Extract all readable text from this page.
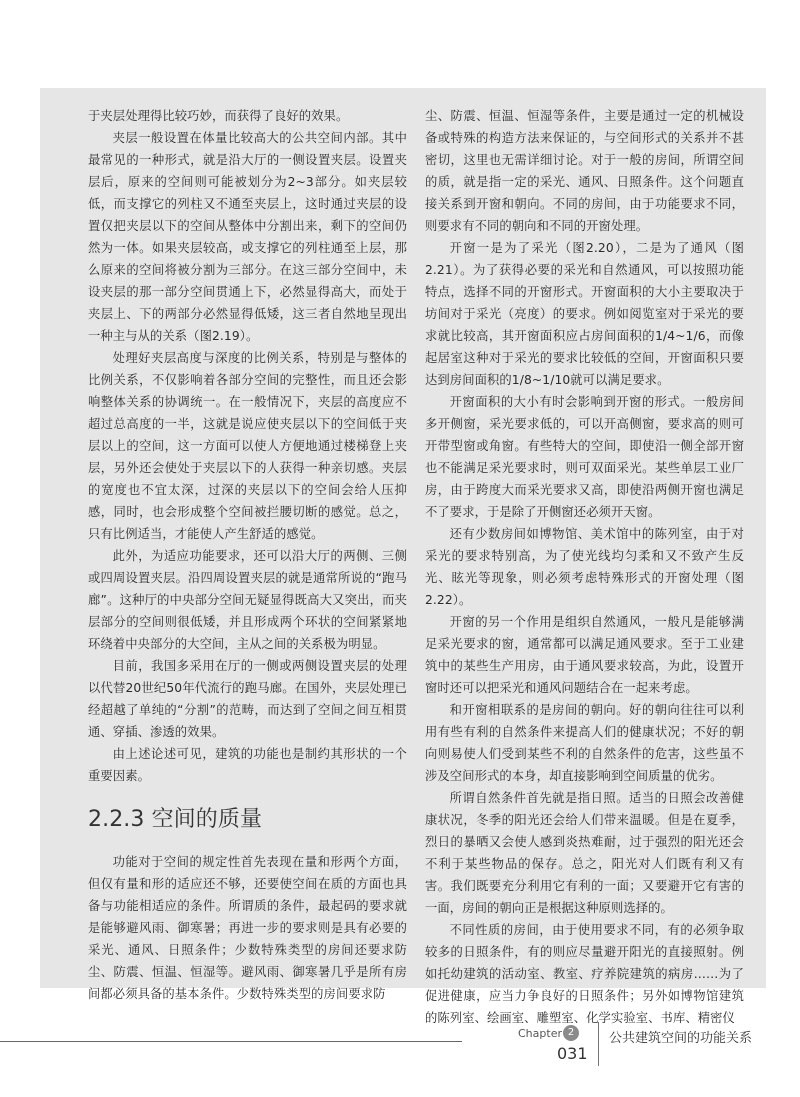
于夹层处理得比较巧妙，而获得了良好的效果。

夹层一般设置在体量比较高大的公共空间内部。其中最常见的一种形式，就是沿大厅的一侧设置夹层。设置夹层后，原来的空间则可能被划分为2~3部分。如夹层较低，而支撑它的列柱又不通至夹层上，这时通过夹层的设置仅把夹层以下的空间从整体中分割出来，剩下的空间仍然为一体。如果夹层较高，或支撑它的列柱通至上层，那么原来的空间将被分割为三部分。在这三部分空间中，未设夹层的那一部分空间贯通上下，必然显得高大，而处于夹层上、下的两部分必然显得低矮，这三者自然地呈现出一种主与从的关系（图2.19）。

处理好夹层高度与深度的比例关系，特别是与整体的比例关系，不仅影响着各部分空间的完整性，而且还会影响整体关系的协调统一。在一般情况下，夹层的高度应不超过总高度的一半，这就是说应使夹层以下的空间低于夹层以上的空间，这一方面可以使人方便地通过楼梯登上夹层，另外还会使处于夹层以下的人获得一种亲切感。夹层的宽度也不宜太深，过深的夹层以下的空间会给人压抑感，同时，也会形成整个空间被拦腰切断的感觉。总之，只有比例适当，才能使人产生舒适的感觉。

此外，为适应功能要求，还可以沿大厅的两侧、三侧或四周设置夹层。沿四周设置夹层的就是通常所说的“跑马廊”。这种厅的中央部分空间无疑显得既高大又突出，而夹层部分的空间则很低矮，并且形成两个环状的空间紧紧地环绕着中央部分的大空间，主从之间的关系极为明显。

目前，我国多采用在厅的一侧或两侧设置夹层的处理以代替20世纪50年代流行的跑马廊。在国外，夹层处理已经超越了单纯的“分割”的范畴，而达到了空间之间互相贯通、穿插、渗透的效果。

由上述论述可见，建筑的功能也是制约其形状的一个重要因素。

2.2.3 空间的质量

功能对于空间的规定性首先表现在量和形两个方面，但仅有量和形的适应还不够，还要使空间在质的方面也具备与功能相适应的条件。所谓质的条件，最起码的要求就是能够避风雨、御寒暑；再进一步的要求则是具有必要的采光、通风、日照条件；少数特殊类型的房间还要求防尘、防震、恒温、恒湿等。避风雨、御寒暑几乎是所有房间都必须具备的基本条件。少数特殊类型的房间要求防

尘、防震、恒温、恒湿等条件，主要是通过一定的机械设备或特殊的构造方法来保证的，与空间形式的关系并不甚密切，这里也无需详细讨论。对于一般的房间，所谓空间的质，就是指一定的采光、通风、日照条件。这个问题直接关系到开窗和朝向。不同的房间，由于功能要求不同，则要求有不同的朝向和不同的开窗处理。

开窗一是为了采光（图2.20），二是为了通风（图2.21）。为了获得必要的采光和自然通风，可以按照功能特点，选择不同的开窗形式。开窗面积的大小主要取决于坊间对于采光（亮度）的要求。例如阅览室对于采光的要求就比较高，其开窗面积应占房间面积的1/4~1/6，而像起居室这种对于采光的要求比较低的空间，开窗面积只要达到房间面积的1/8~1/10就可以满足要求。

开窗面积的大小有时会影响到开窗的形式。一般房间多开侧窗，采光要求低的，可以开高侧窗，要求高的则可开带型窗或角窗。有些特大的空间，即使沿一侧全部开窗也不能满足采光要求时，则可双面采光。某些单层工业厂房，由于跨度大而采光要求又高，即使沿两侧开窗也满足不了要求，于是除了开侧窗还必须开天窗。

还有少数房间如博物馆、美术馆中的陈列室，由于对采光的要求特别高，为了使光线均匀柔和又不致产生反光、眩光等现象，则必须考虑特殊形式的开窗处理（图2.22）。

开窗的另一个作用是组织自然通风，一般凡是能够满足采光要求的窗，通常都可以满足通风要求。至于工业建筑中的某些生产用房，由于通风要求较高，为此，设置开窗时还可以把采光和通风问题结合在一起来考虑。

和开窗相联系的是房间的朝向。好的朝向往往可以利用有些有利的自然条件来提高人们的健康状况；不好的朝向则易使人们受到某些不利的自然条件的危害，这些虽不涉及空间形式的本身，却直接影响到空间质量的优劣。

所谓自然条件首先就是指日照。适当的日照会改善健康状况，冬季的阳光还会给人们带来温暖。但是在夏季，烈日的暴晒又会使人感到炎热难耐，过于强烈的阳光还会不利于某些物品的保存。总之，阳光对人们既有利又有害。我们既要充分利用它有利的一面；又要避开它有害的一面，房间的朝向正是根据这种原则选择的。

不同性质的房间，由于使用要求不同，有的必须争取较多的日照条件，有的则应尽量避开阳光的直接照射。例如托幼建筑的活动室、教室、疗养院建筑的病房……为了促进健康，应当力争良好的日照条件；另外如博物馆建筑的陈列室、绘画室、雕塑室、化学实验室、书库、精密仪

Chapter 2
031
公共建筑空间的功能关系
